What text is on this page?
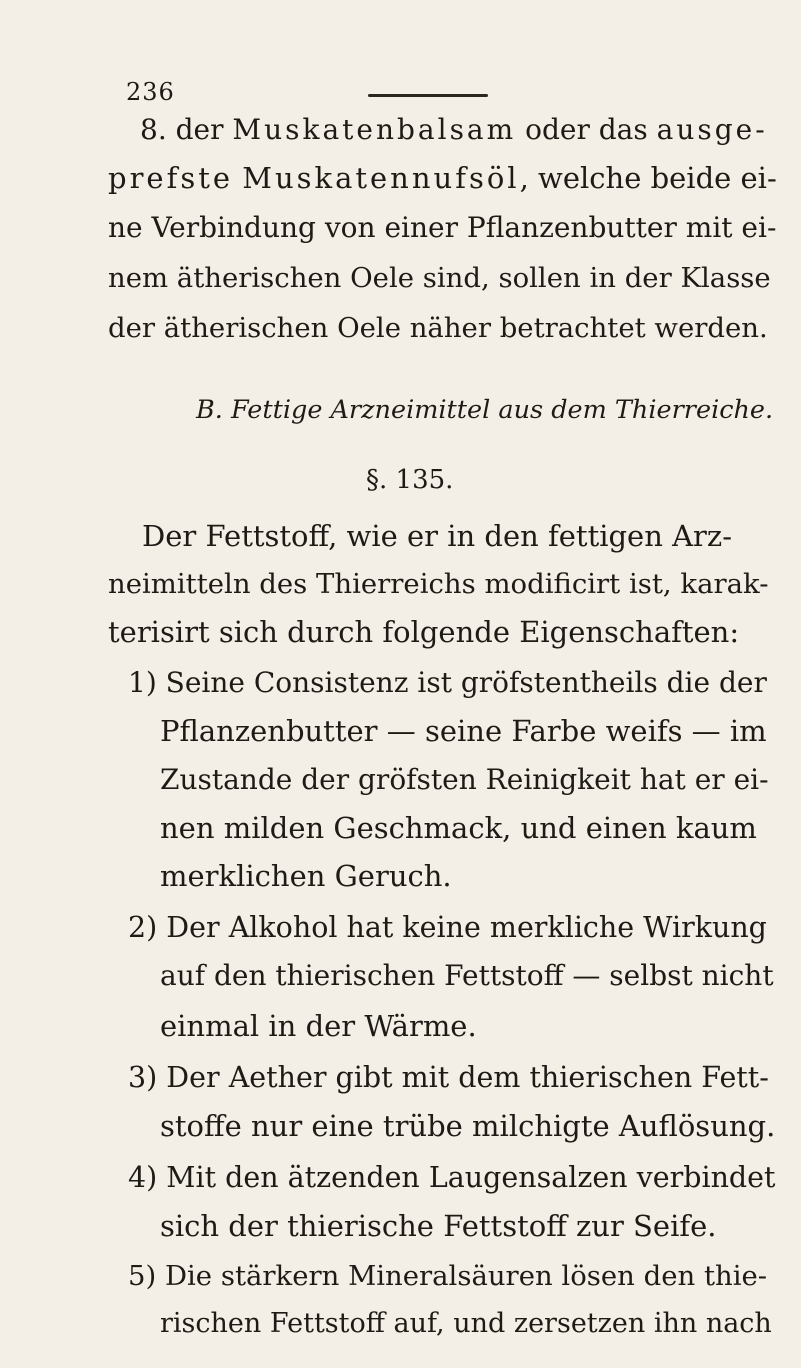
236
8. der Muskatenbalsam oder das ausge-
prefste Muskatennufsöl, welche beide ei-
ne Verbindung von einer Pflanzenbutter mit ei-
nem ätherischen Oele sind, sollen in der Klasse
der ätherischen Oele näher betrachtet werden.
B. Fettige Arzneimittel aus dem Thierreiche.
§. 135.
Der Fettstoff, wie er in den fettigen Arz-
neimitteln des Thierreichs modificirt ist, karak-
terisirt sich durch folgende Eigenschaften:
1) Seine Consistenz ist gröfstentheils die der
Pflanzenbutter — seine Farbe weifs — im
Zustande der gröfsten Reinigkeit hat er ei-
nen milden Geschmack, und einen kaum
merklichen Geruch.
2) Der Alkohol hat keine merkliche Wirkung
auf den thierischen Fettstoff — selbst nicht
einmal in der Wärme.
3) Der Aether gibt mit dem thierischen Fett-
stoffe nur eine trübe milchigte Auflösung.
4) Mit den ätzenden Laugensalzen verbindet
sich der thierische Fettstoff zur Seife.
5) Die stärkern Mineralsäuren lösen den thie-
rischen Fettstoff auf, und zersetzen ihn nach
